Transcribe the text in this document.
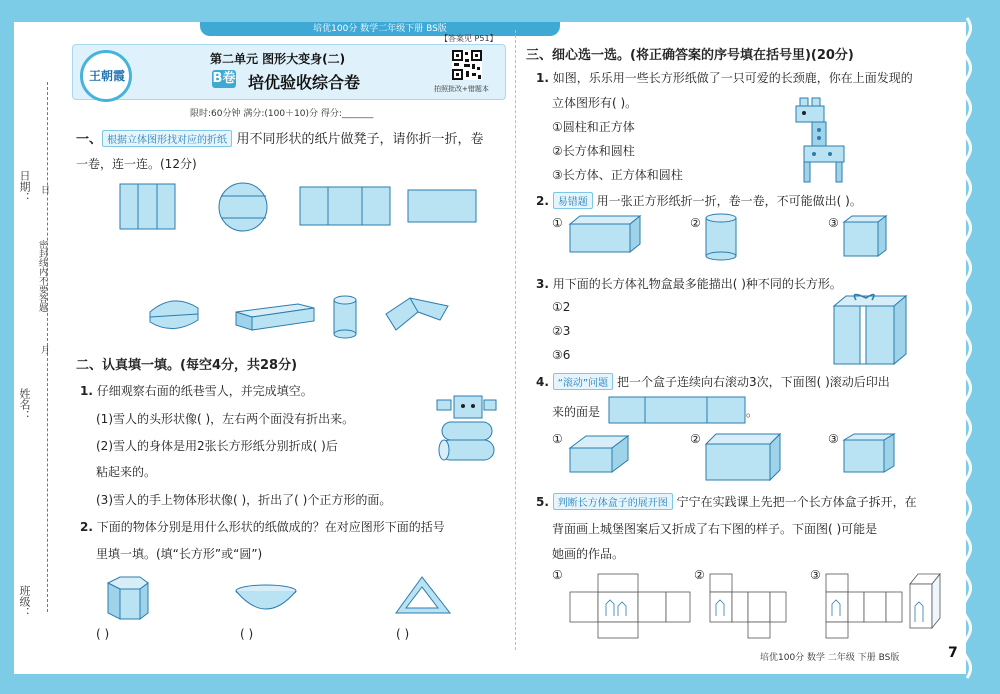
培优100分 数学二年级下册 BS版
日期：
密封线内不要答题
姓名：
班级：
日
月
王朝霞
第二单元 图形大变身(二)
B卷 培优验收综合卷
【答案见 P51】
拍照批改+错题本
限时:60分钟 满分:(100＋10)分 得分:_______
一、 根据立体图形找对应的折纸 用不同形状的纸片做凳子，请你折一折，卷
一卷，连一连。(12分)
二、认真填一填。(每空4分，共28分)
1. 仔细观察右面的纸巷雪人，并完成填空。
(1)雪人的头形状像( )，左右两个面没有折出来。
(2)雪人的身体是用2张长方形纸分别折成( )后
粘起来的。
(3)雪人的手上物体形状像( )，折出了( )个正方形的面。
2. 下面的物体分别是用什么形状的纸做成的？在对应图形下面的括号
里填一填。(填“长方形”或“圆”)
( )	( )	( )
三、细心选一选。(将正确答案的序号填在括号里)(20分)
1. 如图，乐乐用一些长方形纸做了一只可爱的长颈鹿，你在上面发现的
立体图形有( )。
①圆柱和正方体
②长方体和圆柱
③长方体、正方体和圆柱
2. 易错题 用一张正方形纸折一折，卷一卷，不可能做出( )。
①	②	③
3. 用下面的长方体礼物盒最多能描出( )种不同的长方形。
①2
②3
③6
4. “滚动”问题 把一个盒子连续向右滚动3次，下面图( )滚动后印出
来的面是	。
①	②	③
5. 判断长方体盒子的展开图 宁宁在实践课上先把一个长方体盒子拆开，在
背面画上城堡图案后又折成了右下图的样子。下面图( )可能是
她画的作品。
①	②	③
培优100分 数学 二年级 下册 BS版	7
